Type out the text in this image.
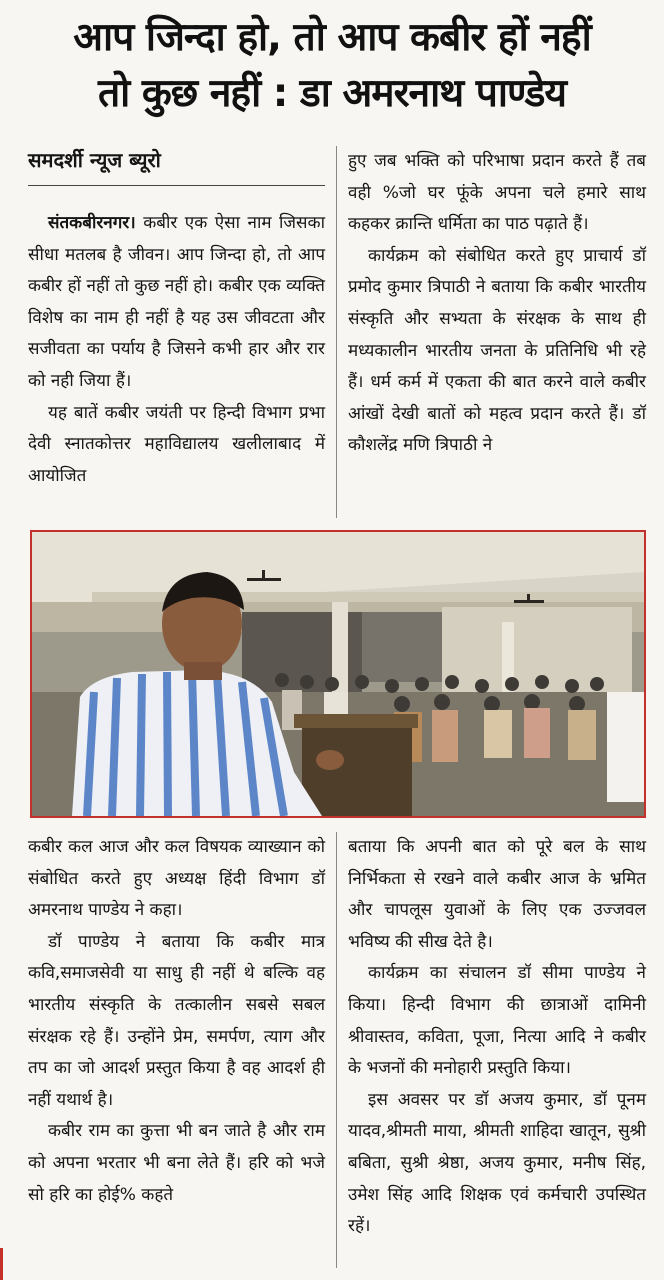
आप जिन्दा हो, तो आप कबीर हों नहीं
तो कुछ नहीं : डा अमरनाथ पाण्डेय
समदर्शी न्यूज ब्यूरो

संतकबीरनगर। कबीर एक ऐसा नाम जिसका सीधा मतलब है जीवन। आप जिन्दा हो, तो आप कबीर हों नहीं तो कुछ नहीं हो। कबीर एक व्यक्ति विशेष का नाम ही नहीं है यह उस जीवटता और सजीवता का पर्याय है जिसने कभी हार और रार को नही जिया हैं।

यह बातें कबीर जयंती पर हिन्दी विभाग प्रभा देवी स्नातकोत्तर महाविद्यालय खलीलाबाद में आयोजित

हुए जब भक्ति को परिभाषा प्रदान करते हैं तब वही %जो घर फूंके अपना चले हमारे साथ कहकर क्रान्ति धर्मिता का पाठ पढ़ाते हैं।

कार्यक्रम को संबोधित करते हुए प्राचार्य डॉ प्रमोद कुमार त्रिपाठी ने बताया कि कबीर भारतीय संस्कृति और सभ्यता के संरक्षक के साथ ही मध्यकालीन भारतीय जनता के प्रतिनिधि भी रहे हैं। धर्म कर्म में एकता की बात करने वाले कबीर आंखों देखी बातों को महत्व प्रदान करते हैं। डॉ कौशलेंद्र मणि त्रिपाठी ने

कबीर कल आज और कल विषयक व्याख्यान को संबोधित करते हुए अध्यक्ष हिंदी विभाग डॉ अमरनाथ पाण्डेय ने कहा।

डॉ पाण्डेय ने बताया कि कबीर मात्र कवि,समाजसेवी या साधु ही नहीं थे बल्कि वह भारतीय संस्कृति के तत्कालीन सबसे सबल संरक्षक रहे हैं। उन्होंने प्रेम, समर्पण, त्याग और तप का जो आदर्श प्रस्तुत किया है वह आदर्श ही नहीं यथार्थ है।

कबीर राम का कुत्ता भी बन जाते है और राम को अपना भरतार भी बना लेते हैं। हरि को भजे सो हरि का होई% कहते

बताया कि अपनी बात को पूरे बल के साथ निर्भिकता से रखने वाले कबीर आज के भ्रमित और चापलूस युवाओं के लिए एक उज्जवल भविष्य की सीख देते है।

कार्यक्रम का संचालन डॉ सीमा पाण्डेय ने किया। हिन्दी विभाग की छात्राओं दामिनी श्रीवास्तव, कविता, पूजा, नित्या आदि ने कबीर के भजनों की मनोहारी प्रस्तुति किया।

इस अवसर पर डॉ अजय कुमार, डॉ पूनम यादव,श्रीमती माया, श्रीमती शाहिदा खातून, सुश्री बबिता, सुश्री श्रेष्ठा, अजय कुमार, मनीष सिंह, उमेश सिंह आदि शिक्षक एवं कर्मचारी उपस्थित रहें।
